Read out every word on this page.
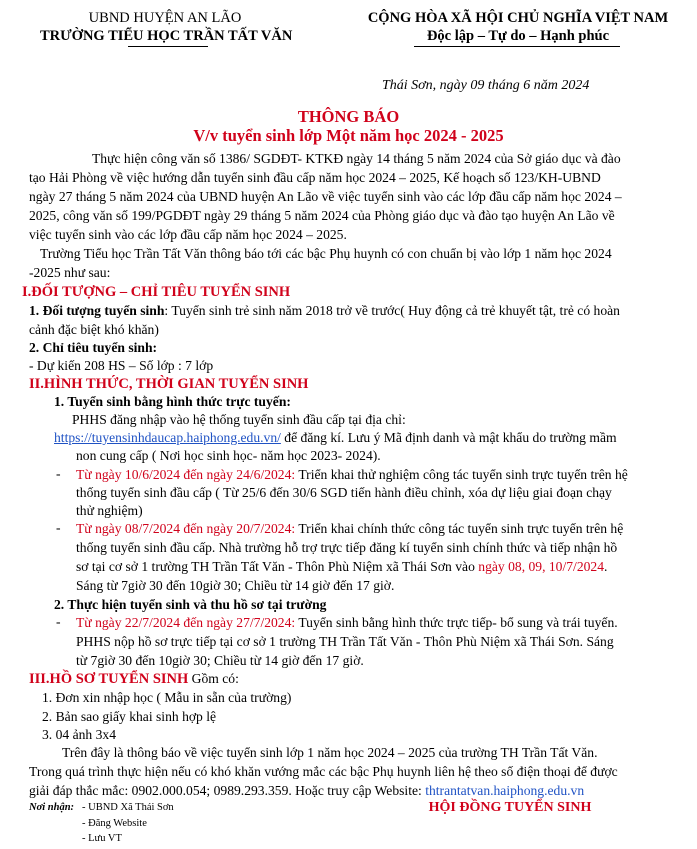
UBND HUYỆN AN LÃO
TRƯỜNG TIỂU HỌC TRẦN TẤT VĂN
CỘNG HÒA XÃ HỘI CHỦ NGHĨA VIỆT NAM
Độc lập – Tự do – Hạnh phúc
Thái Sơn, ngày 09 tháng 6 năm 2024
THÔNG BÁO
V/v tuyển sinh lớp Một năm học 2024 - 2025
Thực hiện công văn số 1386/ SGDĐT- KTKĐ ngày 14 tháng 5 năm 2024 của Sở giáo dục và đào
tạo Hải Phòng về việc hướng dẫn tuyển sinh đầu cấp năm học 2024 – 2025, Kế hoạch số 123/KH-UBND
ngày 27 tháng 5 năm 2024 của UBND huyện An Lão về việc tuyển sinh vào các lớp đầu cấp năm học 2024 –
2025, công văn số 199/PGDĐT ngày 29 tháng 5 năm 2024 của Phòng giáo dục và đào tạo huyện An Lão về
việc tuyển sinh vào các lớp đầu cấp năm học 2024 – 2025.
Trường Tiểu học Trần Tất Văn thông báo tới các bậc Phụ huynh có con chuẩn bị vào lớp 1 năm học 2024
-2025 như sau:
I.ĐỐI TƯỢNG – CHỈ TIÊU TUYỂN SINH
1. Đối tượng tuyển sinh: Tuyển sinh trẻ sinh năm 2018 trở về trước( Huy động cả trẻ khuyết tật, trẻ có hoàn
cảnh đặc biệt khó khăn)
2. Chỉ tiêu tuyển sinh:
- Dự kiến 208 HS – Số lớp : 7 lớp
II.HÌNH THỨC, THỜI GIAN TUYỂN SINH
1. Tuyển sinh bằng hình thức trực tuyến:
PHHS đăng nhập vào hệ thống tuyển sinh đầu cấp tại địa chỉ:
https://tuyensinhdaucap.haiphong.edu.vn/ để đăng kí. Lưu ý Mã định danh và mật khẩu do trường mầm
non cung cấp ( Nơi học sinh học- năm học 2023- 2024).
- Từ ngày 10/6/2024 đến ngày 24/6/2024: Triển khai thử nghiệm công tác tuyển sinh trực tuyến trên hệ
thống tuyển sinh đầu cấp ( Từ 25/6 đến 30/6 SGD tiến hành điều chỉnh, xóa dự liệu giai đoạn chạy
thử nghiệm)
- Từ ngày 08/7/2024 đến ngày 20/7/2024: Triển khai chính thức công tác tuyển sinh trực tuyến trên hệ
thống tuyển sinh đầu cấp. Nhà trường hỗ trợ trực tiếp đăng kí tuyển sinh chính thức và tiếp nhận hồ
sơ tại cơ sở 1 trường TH Trần Tất Văn - Thôn Phù Niệm xã Thái Sơn vào ngày 08, 09, 10/7/2024.
Sáng từ 7giờ 30 đến 10giờ 30; Chiều từ 14 giờ đến 17 giờ.
2. Thực hiện tuyển sinh và thu hồ sơ tại trường
- Từ ngày 22/7/2024 đến ngày 27/7/2024: Tuyển sinh bằng hình thức trực tiếp- bổ sung và trái tuyến.
PHHS nộp hồ sơ trực tiếp tại cơ sở 1 trường TH Trần Tất Văn - Thôn Phù Niệm xã Thái Sơn. Sáng
từ 7giờ 30 đến 10giờ 30; Chiều từ 14 giờ đến 17 giờ.
III.HỒ SƠ TUYỂN SINH Gồm có:
1. Đơn xin nhập học ( Mẫu in sẵn của trường)
2. Bản sao giấy khai sinh hợp lệ
3. 04 ảnh 3x4
Trên đây là thông báo về việc tuyển sinh lớp 1 năm học 2024 – 2025 của trường TH Trần Tất Văn.
Trong quá trình thực hiện nếu có khó khăn vướng mắc các bậc Phụ huynh liên hệ theo số điện thoại để được
giải đáp thắc mắc: 0902.000.054; 0989.293.359. Hoặc truy cập Website: thtrantatvan.haiphong.edu.vn
Nơi nhận: - UBND Xã Thái Sơn
- Đăng Website
- Lưu VT
HỘI ĐỒNG TUYỂN SINH
